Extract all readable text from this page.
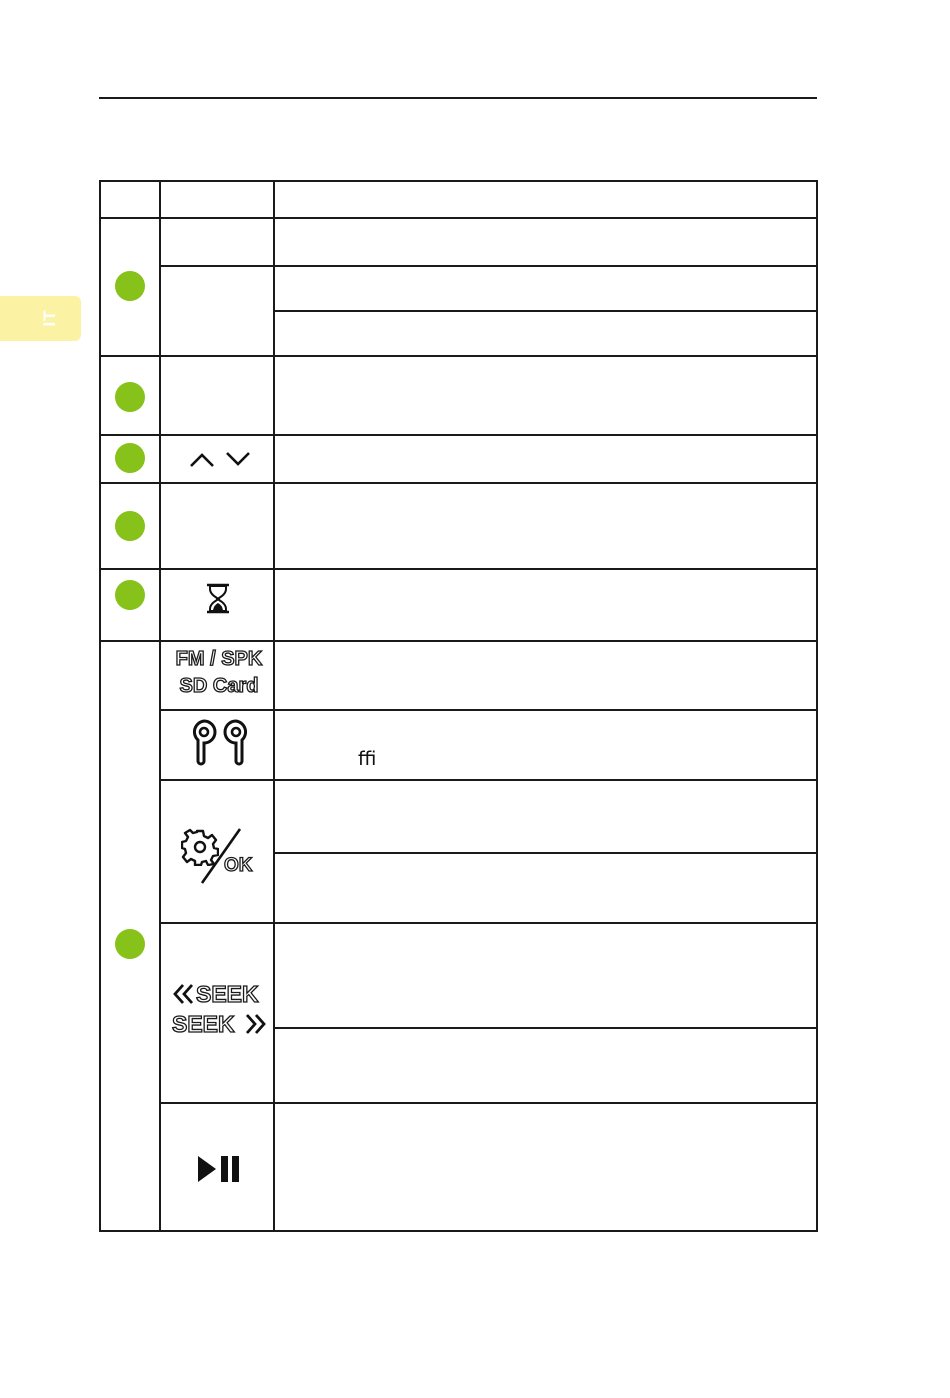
IT
FM / SPK
SD Card
ﬃ
OK
SEEK
SEEK
